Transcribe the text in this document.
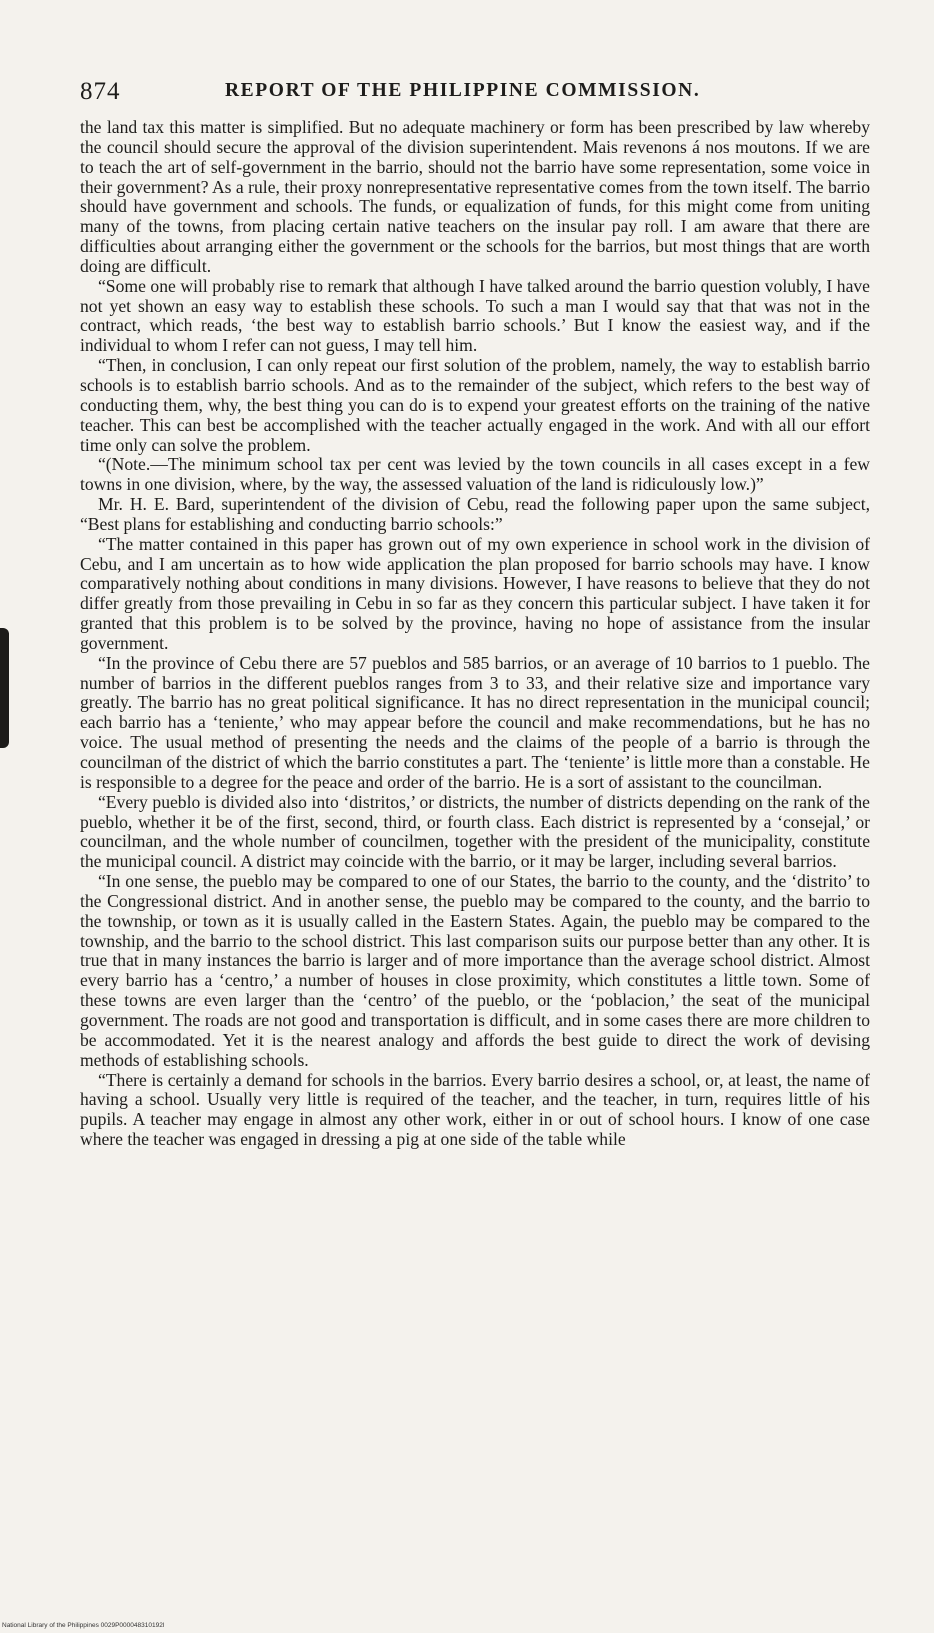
874	REPORT OF THE PHILIPPINE COMMISSION.

the land tax this matter is simplified. But no adequate machinery or form has been prescribed by law whereby the council should secure the approval of the division superintendent. Mais revenons á nos moutons. If we are to teach the art of self-government in the barrio, should not the barrio have some representation, some voice in their government? As a rule, their proxy nonrepresentative representative comes from the town itself. The barrio should have government and schools. The funds, or equalization of funds, for this might come from uniting many of the towns, from placing certain native teachers on the insular pay roll. I am aware that there are difficulties about arranging either the government or the schools for the barrios, but most things that are worth doing are difficult.

“Some one will probably rise to remark that although I have talked around the barrio question volubly, I have not yet shown an easy way to establish these schools. To such a man I would say that that was not in the contract, which reads, ‘the best way to establish barrio schools.’ But I know the easiest way, and if the individual to whom I refer can not guess, I may tell him.

“Then, in conclusion, I can only repeat our first solution of the problem, namely, the way to establish barrio schools is to establish barrio schools. And as to the remainder of the subject, which refers to the best way of conducting them, why, the best thing you can do is to expend your greatest efforts on the training of the native teacher. This can best be accomplished with the teacher actually engaged in the work. And with all our effort time only can solve the problem.

“(Note.—The minimum school tax per cent was levied by the town councils in all cases except in a few towns in one division, where, by the way, the assessed valuation of the land is ridiculously low.)”

Mr. H. E. Bard, superintendent of the division of Cebu, read the following paper upon the same subject, “Best plans for establishing and conducting barrio schools:”

“The matter contained in this paper has grown out of my own experience in school work in the division of Cebu, and I am uncertain as to how wide application the plan proposed for barrio schools may have. I know comparatively nothing about conditions in many divisions. However, I have reasons to believe that they do not differ greatly from those prevailing in Cebu in so far as they concern this particular subject. I have taken it for granted that this problem is to be solved by the province, having no hope of assistance from the insular government.

“In the province of Cebu there are 57 pueblos and 585 barrios, or an average of 10 barrios to 1 pueblo. The number of barrios in the different pueblos ranges from 3 to 33, and their relative size and importance vary greatly. The barrio has no great political significance. It has no direct representation in the municipal council; each barrio has a ‘teniente,’ who may appear before the council and make recommendations, but he has no voice. The usual method of presenting the needs and the claims of the people of a barrio is through the councilman of the district of which the barrio constitutes a part. The ‘teniente’ is little more than a constable. He is responsible to a degree for the peace and order of the barrio. He is a sort of assistant to the councilman.

“Every pueblo is divided also into ‘distritos,’ or districts, the number of districts depending on the rank of the pueblo, whether it be of the first, second, third, or fourth class. Each district is represented by a ‘consejal,’ or councilman, and the whole number of councilmen, together with the president of the municipality, constitute the municipal council. A district may coincide with the barrio, or it may be larger, including several barrios.

“In one sense, the pueblo may be compared to one of our States, the barrio to the county, and the ‘distrito’ to the Congressional district. And in another sense, the pueblo may be compared to the county, and the barrio to the township, or town as it is usually called in the Eastern States. Again, the pueblo may be compared to the township, and the barrio to the school district. This last comparison suits our purpose better than any other. It is true that in many instances the barrio is larger and of more importance than the average school district. Almost every barrio has a ‘centro,’ a number of houses in close proximity, which constitutes a little town. Some of these towns are even larger than the ‘centro’ of the pueblo, or the ‘poblacion,’ the seat of the municipal government. The roads are not good and transportation is difficult, and in some cases there are more children to be accommodated. Yet it is the nearest analogy and affords the best guide to direct the work of devising methods of establishing schools.

“There is certainly a demand for schools in the barrios. Every barrio desires a school, or, at least, the name of having a school. Usually very little is required of the teacher, and the teacher, in turn, requires little of his pupils. A teacher may engage in almost any other work, either in or out of school hours. I know of one case where the teacher was engaged in dressing a pig at one side of the table while

National Library of the Philippines 0029P000048310192l
